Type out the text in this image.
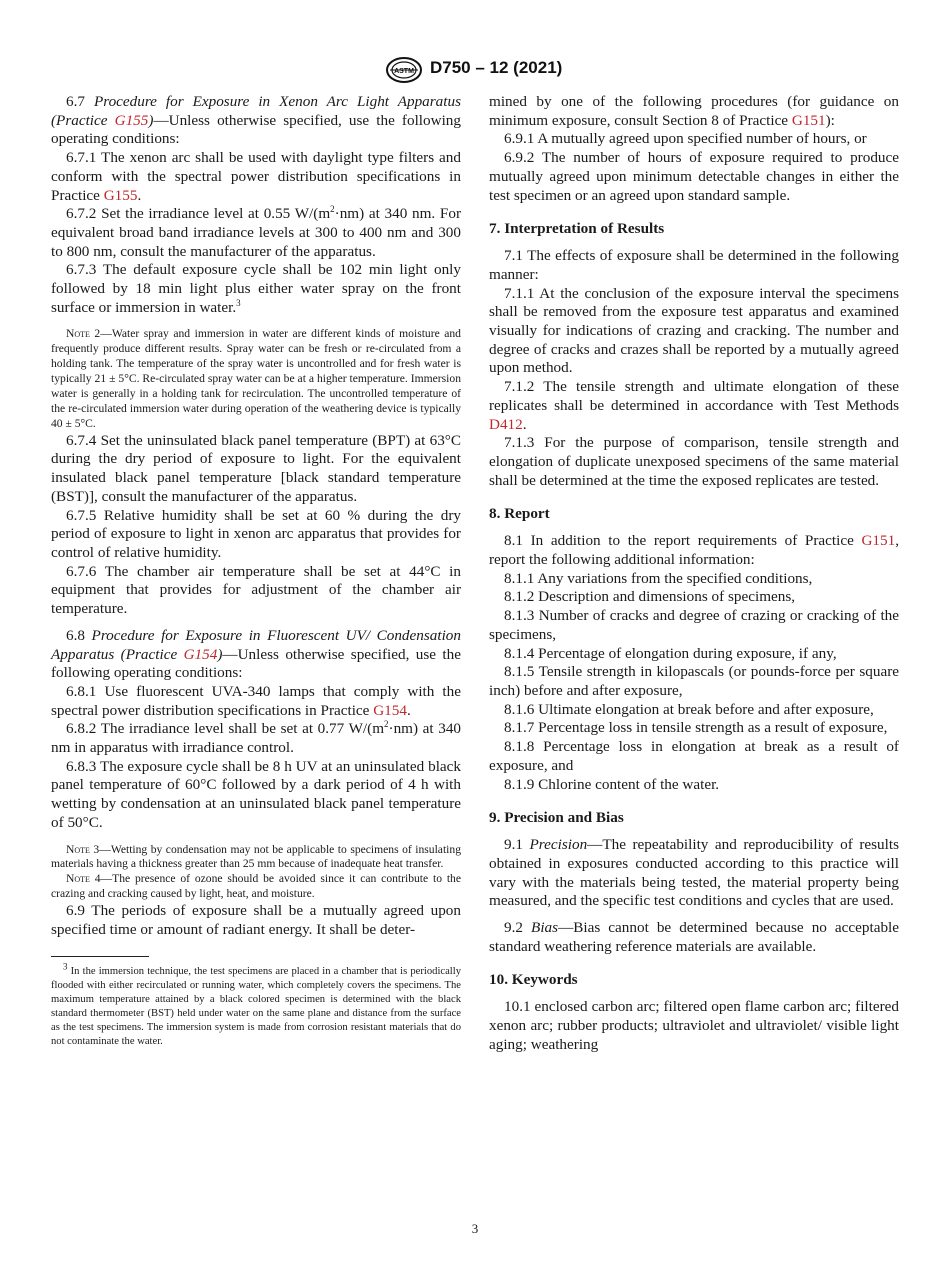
ASTM D750 – 12 (2021)

6.7 Procedure for Exposure in Xenon Arc Light Apparatus (Practice G155)—Unless otherwise specified, use the following operating conditions:

6.7.1 The xenon arc shall be used with daylight type filters and conform with the spectral power distribution specifications in Practice G155.

6.7.2 Set the irradiance level at 0.55 $W/(m^2\cdot nm)$ at 340 nm. For equivalent broad band irradiance levels at 300 to 400 nm and 300 to 800 nm, consult the manufacturer of the apparatus.

6.7.3 The default exposure cycle shall be 102 min light only followed by 18 min light plus either water spray on the front surface or immersion in water.$^3$

Note 2—Water spray and immersion in water are different kinds of moisture and frequently produce different results. Spray water can be fresh or re-circulated from a holding tank. The temperature of the spray water is uncontrolled and for fresh water is typically 21 ± 5°C. Re-circulated spray water can be at a higher temperature. Immersion water is generally in a holding tank for recirculation. The uncontrolled temperature of the re-circulated immersion water during operation of the weathering device is typically 40 ± 5°C.

6.7.4 Set the uninsulated black panel temperature (BPT) at 63°C during the dry period of exposure to light. For the equivalent insulated black panel temperature [black standard temperature (BST)], consult the manufacturer of the apparatus.

6.7.5 Relative humidity shall be set at 60 % during the dry period of exposure to light in xenon arc apparatus that provides for control of relative humidity.

6.7.6 The chamber air temperature shall be set at 44°C in equipment that provides for adjustment of the chamber air temperature.

6.8 Procedure for Exposure in Fluorescent UV/ Condensation Apparatus (Practice G154)—Unless otherwise specified, use the following operating conditions:

6.8.1 Use fluorescent UVA-340 lamps that comply with the spectral power distribution specifications in Practice G154.

6.8.2 The irradiance level shall be set at 0.77 $W/(m^2\cdot nm)$ at 340 nm in apparatus with irradiance control.

6.8.3 The exposure cycle shall be 8 h UV at an uninsulated black panel temperature of 60°C followed by a dark period of 4 h with wetting by condensation at an uninsulated black panel temperature of 50°C.

Note 3—Wetting by condensation may not be applicable to specimens of insulating materials having a thickness greater than 25 mm because of inadequate heat transfer.

Note 4—The presence of ozone should be avoided since it can contribute to the crazing and cracking caused by light, heat, and moisture.

6.9 The periods of exposure shall be a mutually agreed upon specified time or amount of radiant energy. It shall be deter-

$^3$ In the immersion technique, the test specimens are placed in a chamber that is periodically flooded with either recirculated or running water, which completely covers the specimens. The maximum temperature attained by a black colored specimen is determined with the black standard thermometer (BST) held under water on the same plane and distance from the surface as the test specimens. The immersion system is made from corrosion resistant materials that do not contaminate the water.

mined by one of the following procedures (for guidance on minimum exposure, consult Section 8 of Practice G151):

6.9.1 A mutually agreed upon specified number of hours, or

6.9.2 The number of hours of exposure required to produce mutually agreed upon minimum detectable changes in either the test specimen or an agreed upon standard sample.

7. Interpretation of Results

7.1 The effects of exposure shall be determined in the following manner:

7.1.1 At the conclusion of the exposure interval the specimens shall be removed from the exposure test apparatus and examined visually for indications of crazing and cracking. The number and degree of cracks and crazes shall be reported by a mutually agreed upon method.

7.1.2 The tensile strength and ultimate elongation of these replicates shall be determined in accordance with Test Methods D412.

7.1.3 For the purpose of comparison, tensile strength and elongation of duplicate unexposed specimens of the same material shall be determined at the time the exposed replicates are tested.

8. Report

8.1 In addition to the report requirements of Practice G151, report the following additional information:

8.1.1 Any variations from the specified conditions,

8.1.2 Description and dimensions of specimens,

8.1.3 Number of cracks and degree of crazing or cracking of the specimens,

8.1.4 Percentage of elongation during exposure, if any,

8.1.5 Tensile strength in kilopascals (or pounds-force per square inch) before and after exposure,

8.1.6 Ultimate elongation at break before and after exposure,

8.1.7 Percentage loss in tensile strength as a result of exposure,

8.1.8 Percentage loss in elongation at break as a result of exposure, and

8.1.9 Chlorine content of the water.

9. Precision and Bias

9.1 Precision—The repeatability and reproducibility of results obtained in exposures conducted according to this practice will vary with the materials being tested, the material property being measured, and the specific test conditions and cycles that are used.

9.2 Bias—Bias cannot be determined because no acceptable standard weathering reference materials are available.

10. Keywords

10.1 enclosed carbon arc; filtered open flame carbon arc; filtered xenon arc; rubber products; ultraviolet and ultraviolet/ visible light aging; weathering

3
